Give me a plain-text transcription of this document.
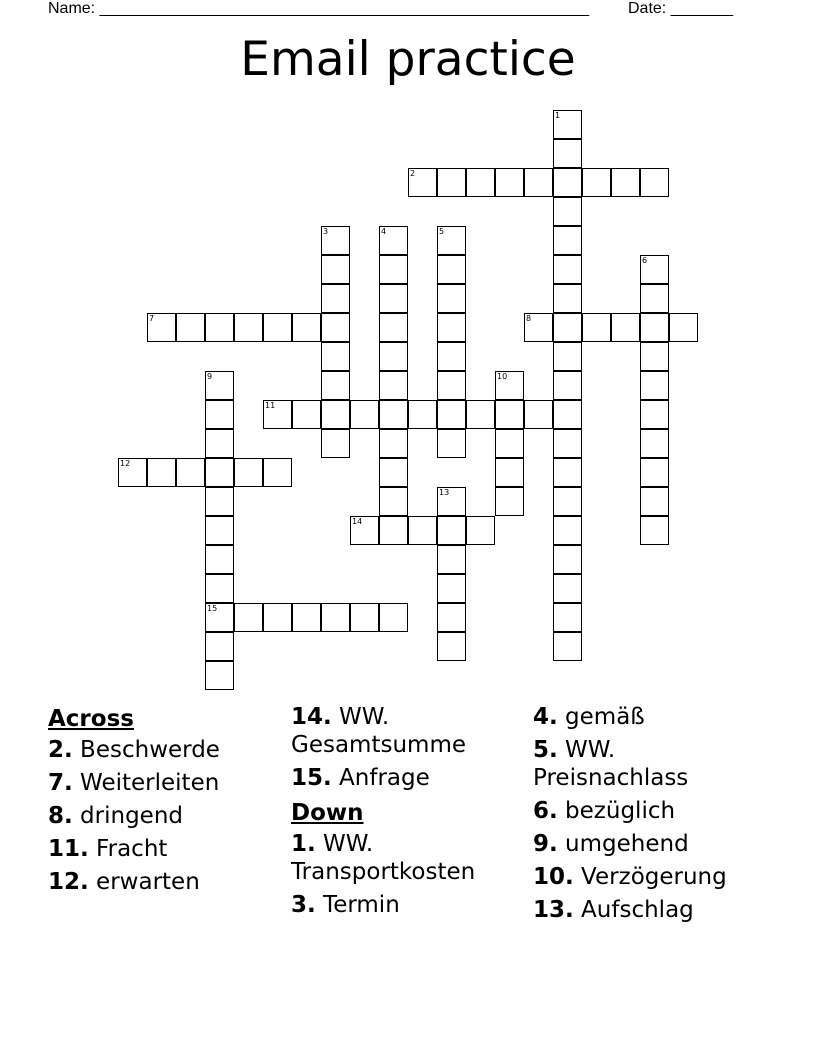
Name: _______________________________________________________ Date: _______
Email practice
1
2
3	4	5
6
7	8
9	10
11
12
13
14
15
Across
2. Beschwerde
7. Weiterleiten
8. dringend
11. Fracht
12. erwarten
14. WW. Gesamtsumme
15. Anfrage
Down
1. WW. Transportkosten
3. Termin
4. gemäß
5. WW. Preisnachlass
6. bezüglich
9. umgehend
10. Verzögerung
13. Aufschlag
